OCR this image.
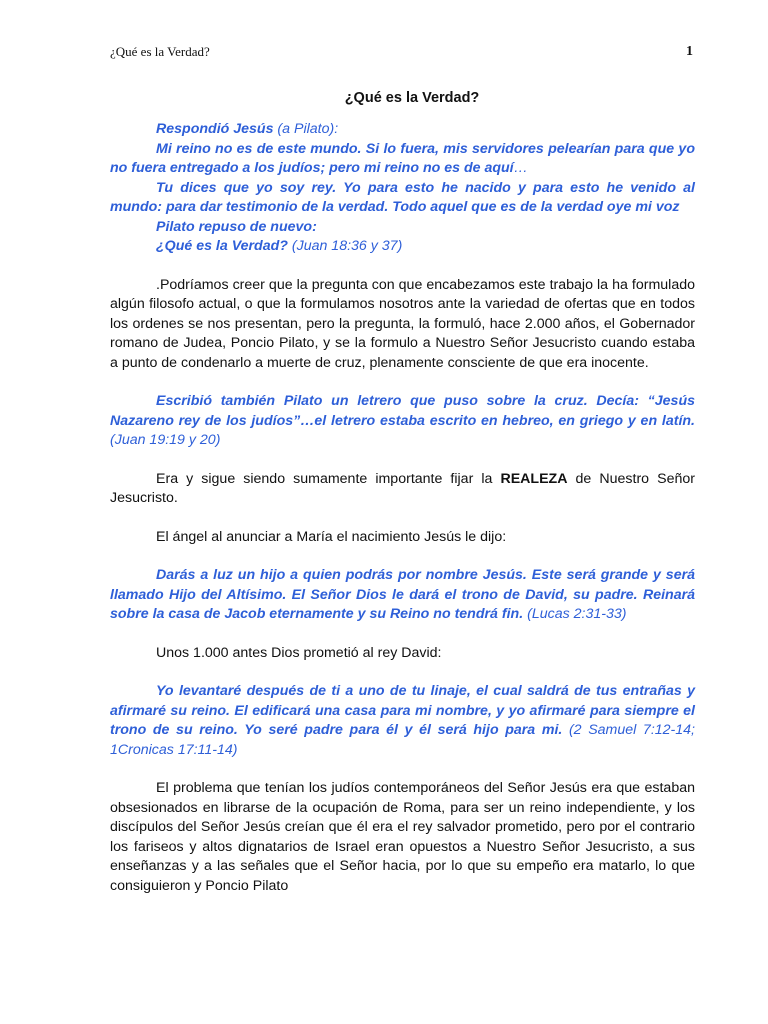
¿Qué es la Verdad?	1
¿Qué es la Verdad?

Respondió Jesús (a Pilato):

Mi reino no es de este mundo. Si lo fuera, mis servidores pelearían para que yo no fuera entregado a los judíos; pero mi reino no es de aquí…

Tu dices que yo soy rey. Yo para esto he nacido y para esto he venido al mundo: para dar testimonio de la verdad. Todo aquel que es de la verdad oye mi voz

Pilato repuso de nuevo:

¿Qué es la Verdad? (Juan 18:36 y 37)

.Podríamos creer que la pregunta con que encabezamos este trabajo la ha formulado algún filosofo actual, o que la formulamos nosotros ante la variedad de ofertas que en todos los ordenes se nos presentan, pero la pregunta, la formuló, hace 2.000 años, el Gobernador romano de Judea, Poncio Pilato, y se la formulo a Nuestro Señor Jesucristo cuando estaba a punto de condenarlo a muerte de cruz, plenamente consciente de que era inocente.

Escribió también Pilato un letrero que puso sobre la cruz. Decía: “Jesús Nazareno rey de los judíos”…el letrero estaba escrito en hebreo, en griego y en latín. (Juan 19:19 y 20)

Era y sigue siendo sumamente importante fijar la REALEZA de Nuestro Señor Jesucristo.

El ángel al anunciar a María el nacimiento Jesús le dijo:

Darás a luz un hijo a quien podrás por nombre Jesús. Este será grande y será llamado Hijo del Altísimo. El Señor Dios le dará el trono de David, su padre. Reinará sobre la casa de Jacob eternamente y su Reino no tendrá fin. (Lucas 2:31-33)

Unos 1.000 antes Dios prometió al rey David:

Yo levantaré después de ti a uno de tu linaje, el cual saldrá de tus entrañas y afirmaré su reino. El edificará una casa para mi nombre, y yo afirmaré para siempre el trono de su reino. Yo seré padre para él y él será hijo para mi. (2 Samuel 7:12-14; 1Cronicas 17:11-14)

El problema que tenían los judíos contemporáneos del Señor Jesús era que estaban obsesionados en librarse de la ocupación de Roma, para ser un reino independiente, y los discípulos del Señor Jesús creían que él era el rey salvador prometido, pero por el contrario los fariseos y altos dignatarios de Israel eran opuestos a Nuestro Señor Jesucristo, a sus enseñanzas y a las señales que el Señor hacia, por lo que su empeño era matarlo, lo que consiguieron y Poncio Pilato
